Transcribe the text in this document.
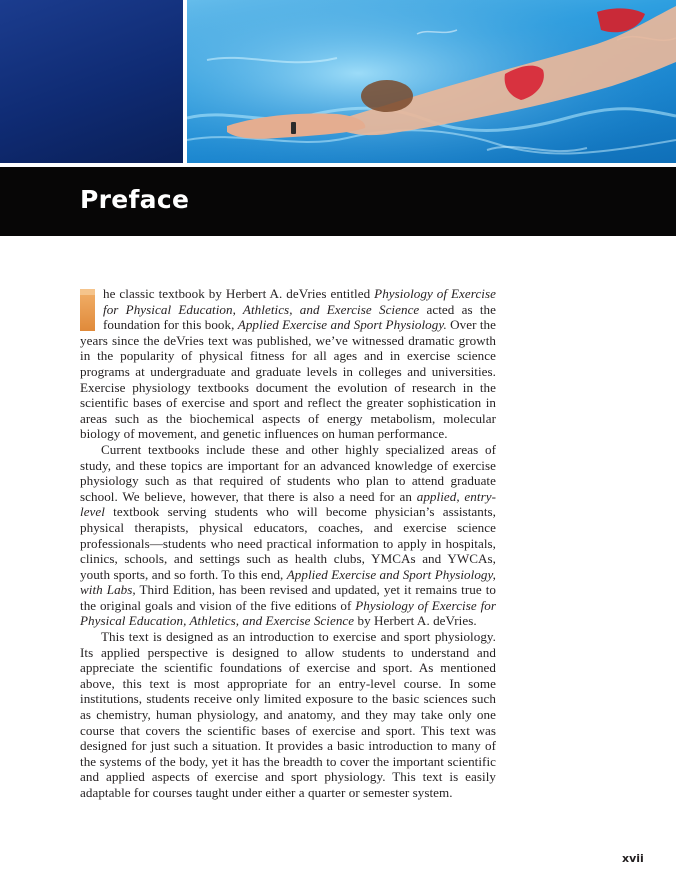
Preface

he classic textbook by Herbert A. deVries entitled Physiology of Exercise for Physical Education, Athletics, and Exercise Science acted as the foundation for this book, Applied Exercise and Sport Physiology. Over the years since the deVries text was published, we’ve witnessed dramatic growth in the popularity of physical fitness for all ages and in exercise science programs at undergraduate and graduate levels in colleges and universities. Exercise physiology textbooks document the evolution of research in the scientific bases of exercise and sport and reflect the greater sophistication in areas such as the biochemical aspects of energy metabolism, molecular biology of movement, and genetic influences on human performance.

Current textbooks include these and other highly specialized areas of study, and these topics are important for an advanced knowledge of exercise physiology such as that required of students who plan to attend graduate school. We believe, however, that there is also a need for an applied, entry-level textbook serving students who will become physician’s assistants, physical therapists, physical educators, coaches, and exercise science professionals—students who need practical information to apply in hospitals, clinics, schools, and settings such as health clubs, YMCAs and YWCAs, youth sports, and so forth. To this end, Applied Exercise and Sport Physiology, with Labs, Third Edition, has been revised and updated, yet it remains true to the original goals and vision of the five editions of Physiology of Exercise for Physical Education, Athletics, and Exercise Science by Herbert A. deVries.

This text is designed as an introduction to exercise and sport physiology. Its applied perspective is designed to allow students to understand and appreciate the scientific foundations of exercise and sport. As mentioned above, this text is most appropriate for an entry-level course. In some institutions, students receive only limited exposure to the basic sciences such as chemistry, human physiology, and anatomy, and they may take only one course that covers the scientific bases of exercise and sport. This text was designed for just such a situation. It provides a basic introduction to many of the systems of the body, yet it has the breadth to cover the important scientific and applied aspects of exercise and sport physiology. This text is easily adaptable for courses taught under either a quarter or semester system.

xvii
